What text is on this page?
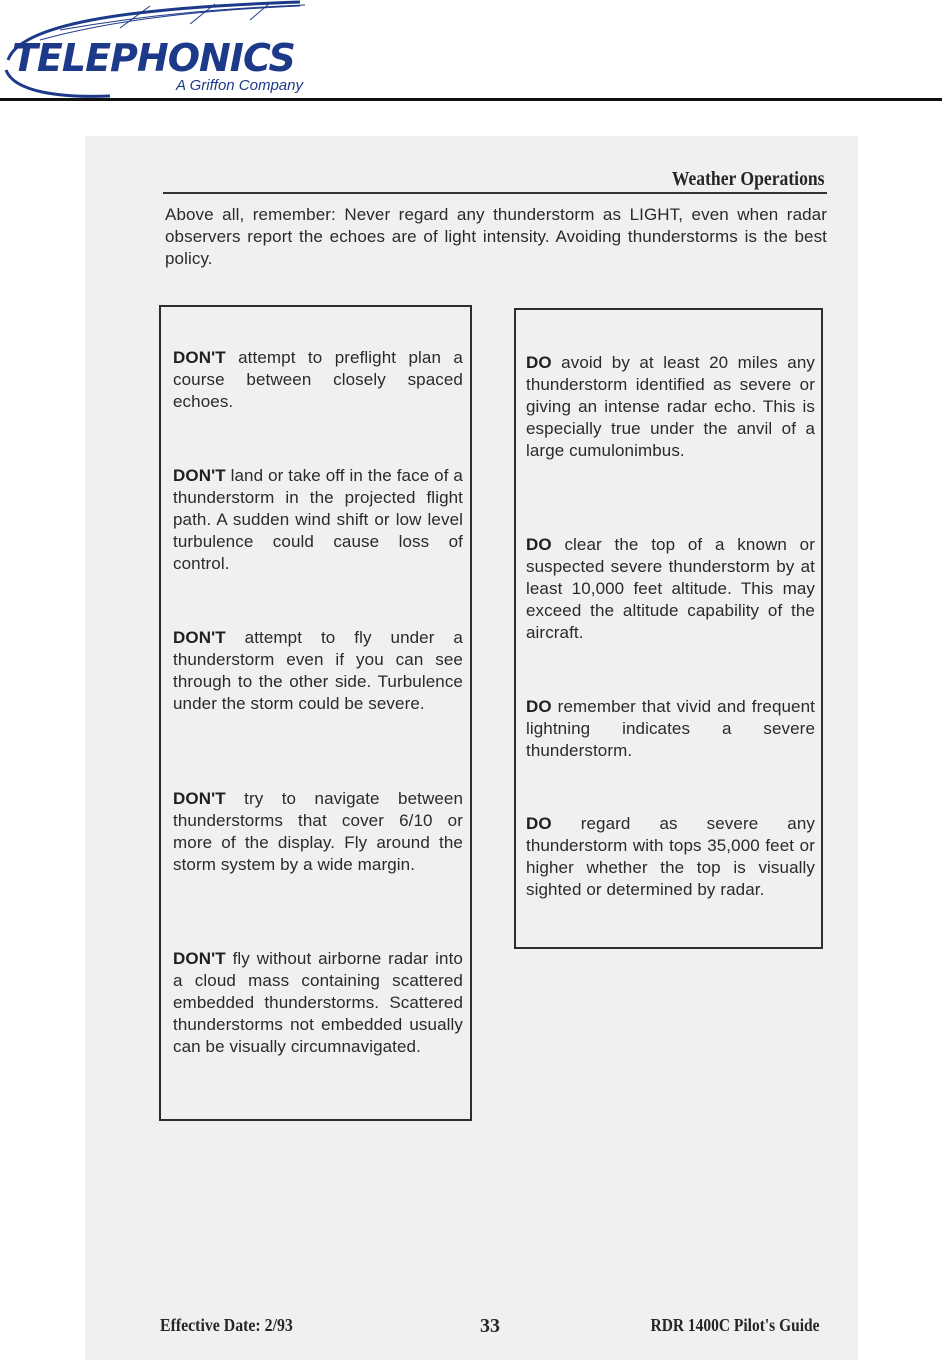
TELEPHONICS
A Griffon Company
Weather Operations
Above all, remember: Never regard any thunderstorm as LIGHT, even when radar observers report the echoes are of light intensity. Avoiding thunderstorms is the best policy.
DON'T attempt to preflight plan a course between closely spaced echoes.
DON'T land or take off in the face of a thunderstorm in the projected flight path. A sudden wind shift or low level turbulence could cause loss of control.
DON'T attempt to fly under a thunderstorm even if you can see through to the other side. Turbulence under the storm could be severe.
DON'T try to navigate between thunderstorms that cover 6/10 or more of the display. Fly around the storm system by a wide margin.
DON'T fly without airborne radar into a cloud mass containing scattered embedded thunderstorms. Scattered thunderstorms not embedded usually can be visually circumnavigated.
DO avoid by at least 20 miles any thunderstorm identified as severe or giving an intense radar echo. This is especially true under the anvil of a large cumulonimbus.
DO clear the top of a known or suspected severe thunderstorm by at least 10,000 feet altitude. This may exceed the altitude capability of the aircraft.
DO remember that vivid and frequent lightning indicates a severe thunderstorm.
DO regard as severe any thunderstorm with tops 35,000 feet or higher whether the top is visually sighted or determined by radar.
Effective Date: 2/93	33	RDR 1400C Pilot's Guide
